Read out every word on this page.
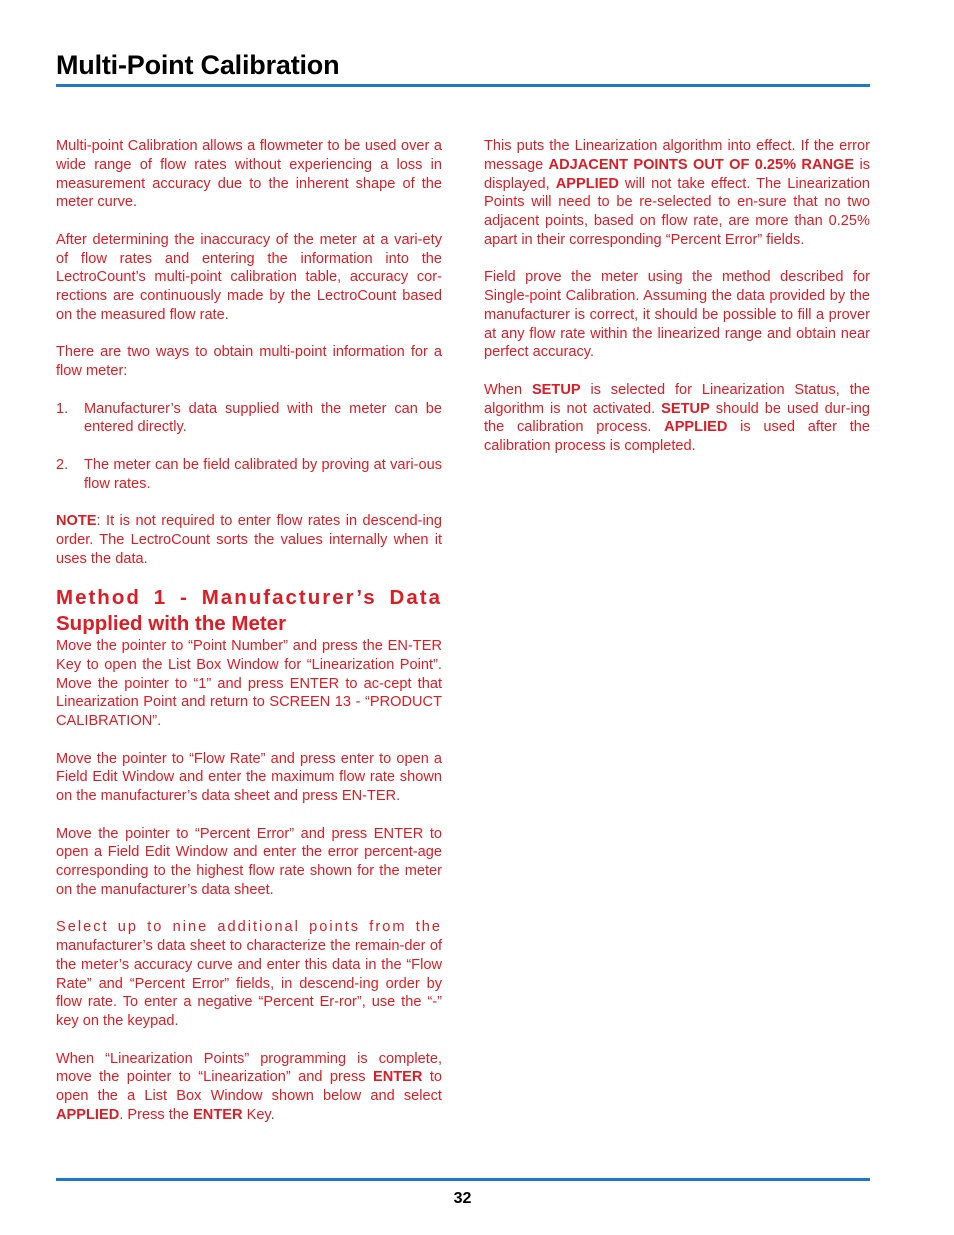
Multi-Point Calibration

Multi-point Calibration allows a flowmeter to be used over a wide range of flow rates without experiencing a loss in measurement accuracy due to the inherent shape of the meter curve.

After determining the inaccuracy of the meter at a vari-ety of flow rates and entering the information into the LectroCount’s multi-point calibration table, accuracy cor-rections are continuously made by the LectroCount based on the measured flow rate.

There are two ways to obtain multi-point information for a flow meter:

1. Manufacturer’s data supplied with the meter can be entered directly.
2. The meter can be field calibrated by proving at vari-ous flow rates.

NOTE: It is not required to enter flow rates in descend-ing order. The LectroCount sorts the values internally when it uses the data.

Method 1 - Manufacturer’s Data
Supplied with the Meter

Move the pointer to “Point Number” and press the EN-TER Key to open the List Box Window for “Linearization Point”. Move the pointer to “1” and press ENTER to ac-cept that Linearization Point and return to SCREEN 13 - “PRODUCT CALIBRATION”.

Move the pointer to “Flow Rate” and press enter to open a Field Edit Window and enter the maximum flow rate shown on the manufacturer’s data sheet and press EN-TER.

Move the pointer to “Percent Error” and press ENTER to open a Field Edit Window and enter the error percent-age corresponding to the highest flow rate shown for the meter on the manufacturer’s data sheet.

Select up to nine additional points from the manufacturer’s data sheet to characterize the remain-der of the meter’s accuracy curve and enter this data in the “Flow Rate” and “Percent Error” fields, in descend-ing order by flow rate. To enter a negative “Percent Er-ror”, use the “-” key on the keypad.

When “Linearization Points” programming is complete, move the pointer to “Linearization” and press ENTER to open the a List Box Window shown below and select APPLIED. Press the ENTER Key.

This puts the Linearization algorithm into effect. If the error message ADJACENT POINTS OUT OF 0.25% RANGE is displayed, APPLIED will not take effect. The Linearization Points will need to be re-selected to en-sure that no two adjacent points, based on flow rate, are more than 0.25% apart in their corresponding “Percent Error” fields.

Field prove the meter using the method described for Single-point Calibration. Assuming the data provided by the manufacturer is correct, it should be possible to fill a prover at any flow rate within the linearized range and obtain near perfect accuracy.

When SETUP is selected for Linearization Status, the algorithm is not activated. SETUP should be used dur-ing the calibration process. APPLIED is used after the calibration process is completed.

32
